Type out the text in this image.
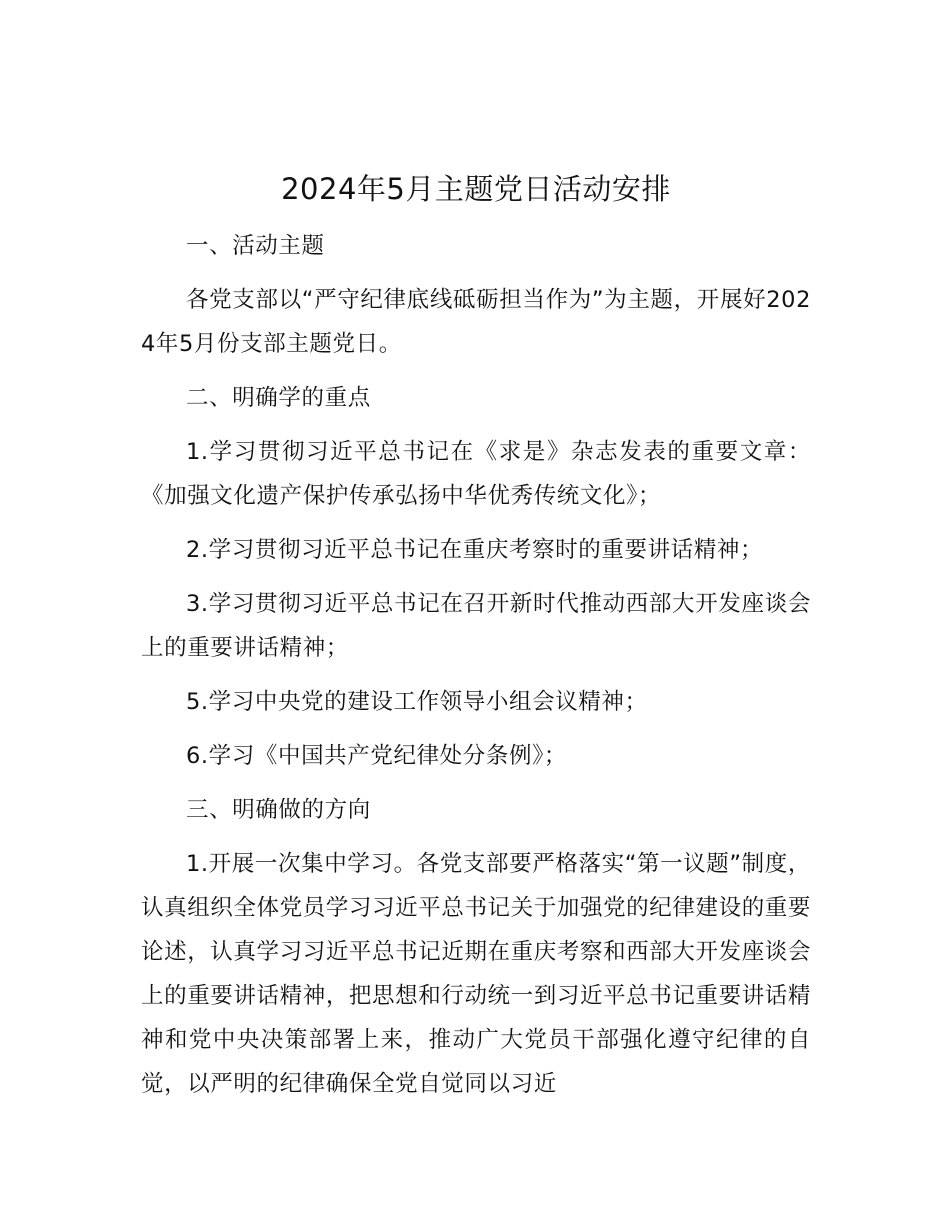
2024年5月主题党日活动安排

一、活动主题

各党支部以“严守纪律底线砥砺担当作为”为主题，开展好2024年5月份支部主题党日。

二、明确学的重点

1.学习贯彻习近平总书记在《求是》杂志发表的重要文章：《加强文化遗产保护传承弘扬中华优秀传统文化》；

2.学习贯彻习近平总书记在重庆考察时的重要讲话精神；

3.学习贯彻习近平总书记在召开新时代推动西部大开发座谈会上的重要讲话精神；

5.学习中央党的建设工作领导小组会议精神；

6.学习《中国共产党纪律处分条例》；

三、明确做的方向

1.开展一次集中学习。各党支部要严格落实“第一议题”制度，认真组织全体党员学习习近平总书记关于加强党的纪律建设的重要论述，认真学习习近平总书记近期在重庆考察和西部大开发座谈会上的重要讲话精神，把思想和行动统一到习近平总书记重要讲话精神和党中央决策部署上来，推动广大党员干部强化遵守纪律的自觉，以严明的纪律确保全党自觉同以习近
